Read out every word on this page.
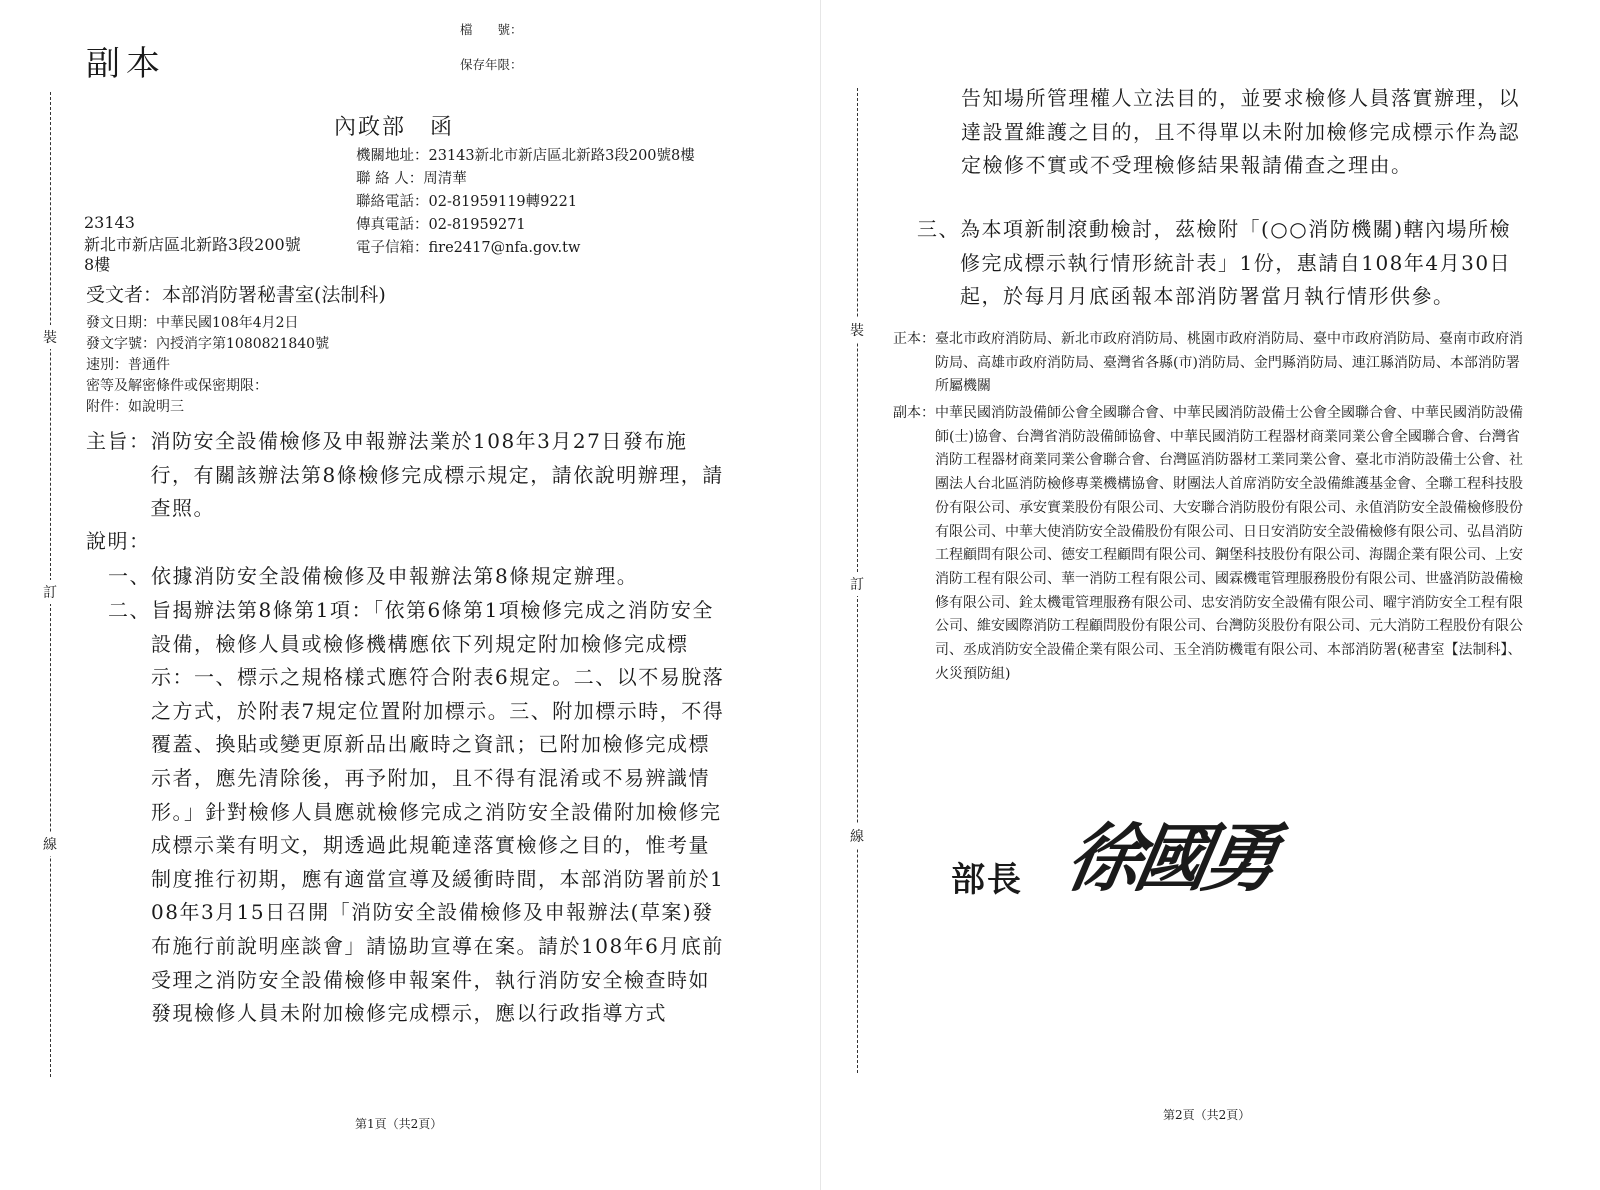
副本
檔　　號：
保存年限：
裝
訂
線
內政部　函
機關地址：23143新北市新店區北新路3段200號8樓
聯 絡 人：周清華
聯絡電話：02-81959119轉9221
傳真電話：02-81959271
電子信箱：fire2417@nfa.gov.tw
23143
新北市新店區北新路3段200號
8樓
受文者：本部消防署秘書室(法制科)
發文日期：中華民國108年4月2日
發文字號：內授消字第1080821840號
速別：普通件
密等及解密條件或保密期限：
附件：如說明三
主旨： 消防安全設備檢修及申報辦法業於108年3月27日發布施行，有關該辦法第8條檢修完成標示規定，請依說明辦理，請查照。
說明：
一、 依據消防安全設備檢修及申報辦法第8條規定辦理。
二、 旨揭辦法第8條第1項：「依第6條第1項檢修完成之消防安全設備，檢修人員或檢修機構應依下列規定附加檢修完成標示：一、標示之規格樣式應符合附表6規定。二、以不易脫落之方式，於附表7規定位置附加標示。三、附加標示時，不得覆蓋、換貼或變更原新品出廠時之資訊；已附加檢修完成標示者，應先清除後，再予附加，且不得有混淆或不易辨識情形。」針對檢修人員應就檢修完成之消防安全設備附加檢修完成標示業有明文，期透過此規範達落實檢修之目的，惟考量制度推行初期，應有適當宣導及緩衝時間，本部消防署前於108年3月15日召開「消防安全設備檢修及申報辦法(草案)發布施行前說明座談會」請協助宣導在案。請於108年6月底前受理之消防安全設備檢修申報案件，執行消防安全檢查時如發現檢修人員未附加檢修完成標示，應以行政指導方式
第1頁（共2頁）
裝
訂
線
告知場所管理權人立法目的，並要求檢修人員落實辦理，以達設置維護之目的，且不得單以未附加檢修完成標示作為認定檢修不實或不受理檢修結果報請備查之理由。
三、 為本項新制滾動檢討，茲檢附「(○○消防機關)轄內場所檢修完成標示執行情形統計表」1份，惠請自108年4月30日起，於每月月底函報本部消防署當月執行情形供參。
正本： 臺北市政府消防局、新北市政府消防局、桃園市政府消防局、臺中市政府消防局、臺南市政府消防局、高雄市政府消防局、臺灣省各縣(市)消防局、金門縣消防局、連江縣消防局、本部消防署所屬機關
副本： 中華民國消防設備師公會全國聯合會、中華民國消防設備士公會全國聯合會、中華民國消防設備師(士)協會、台灣省消防設備師協會、中華民國消防工程器材商業同業公會全國聯合會、台灣省消防工程器材商業同業公會聯合會、台灣區消防器材工業同業公會、臺北市消防設備士公會、社團法人台北區消防檢修專業機構協會、財團法人首席消防安全設備維護基金會、全聯工程科技股份有限公司、承安實業股份有限公司、大安聯合消防股份有限公司、永值消防安全設備檢修股份有限公司、中華大使消防安全設備股份有限公司、日日安消防安全設備檢修有限公司、弘昌消防工程顧問有限公司、德安工程顧問有限公司、鋼堡科技股份有限公司、海闊企業有限公司、上安消防工程有限公司、華一消防工程有限公司、國霖機電管理服務股份有限公司、世盛消防設備檢修有限公司、銓太機電管理服務有限公司、忠安消防安全設備有限公司、曜宇消防安全工程有限公司、維安國際消防工程顧問股份有限公司、台灣防災股份有限公司、元大消防工程股份有限公司、丞成消防安全設備企業有限公司、玉全消防機電有限公司、本部消防署(秘書室【法制科】、火災預防組)
部長 徐國勇
第2頁（共2頁）
